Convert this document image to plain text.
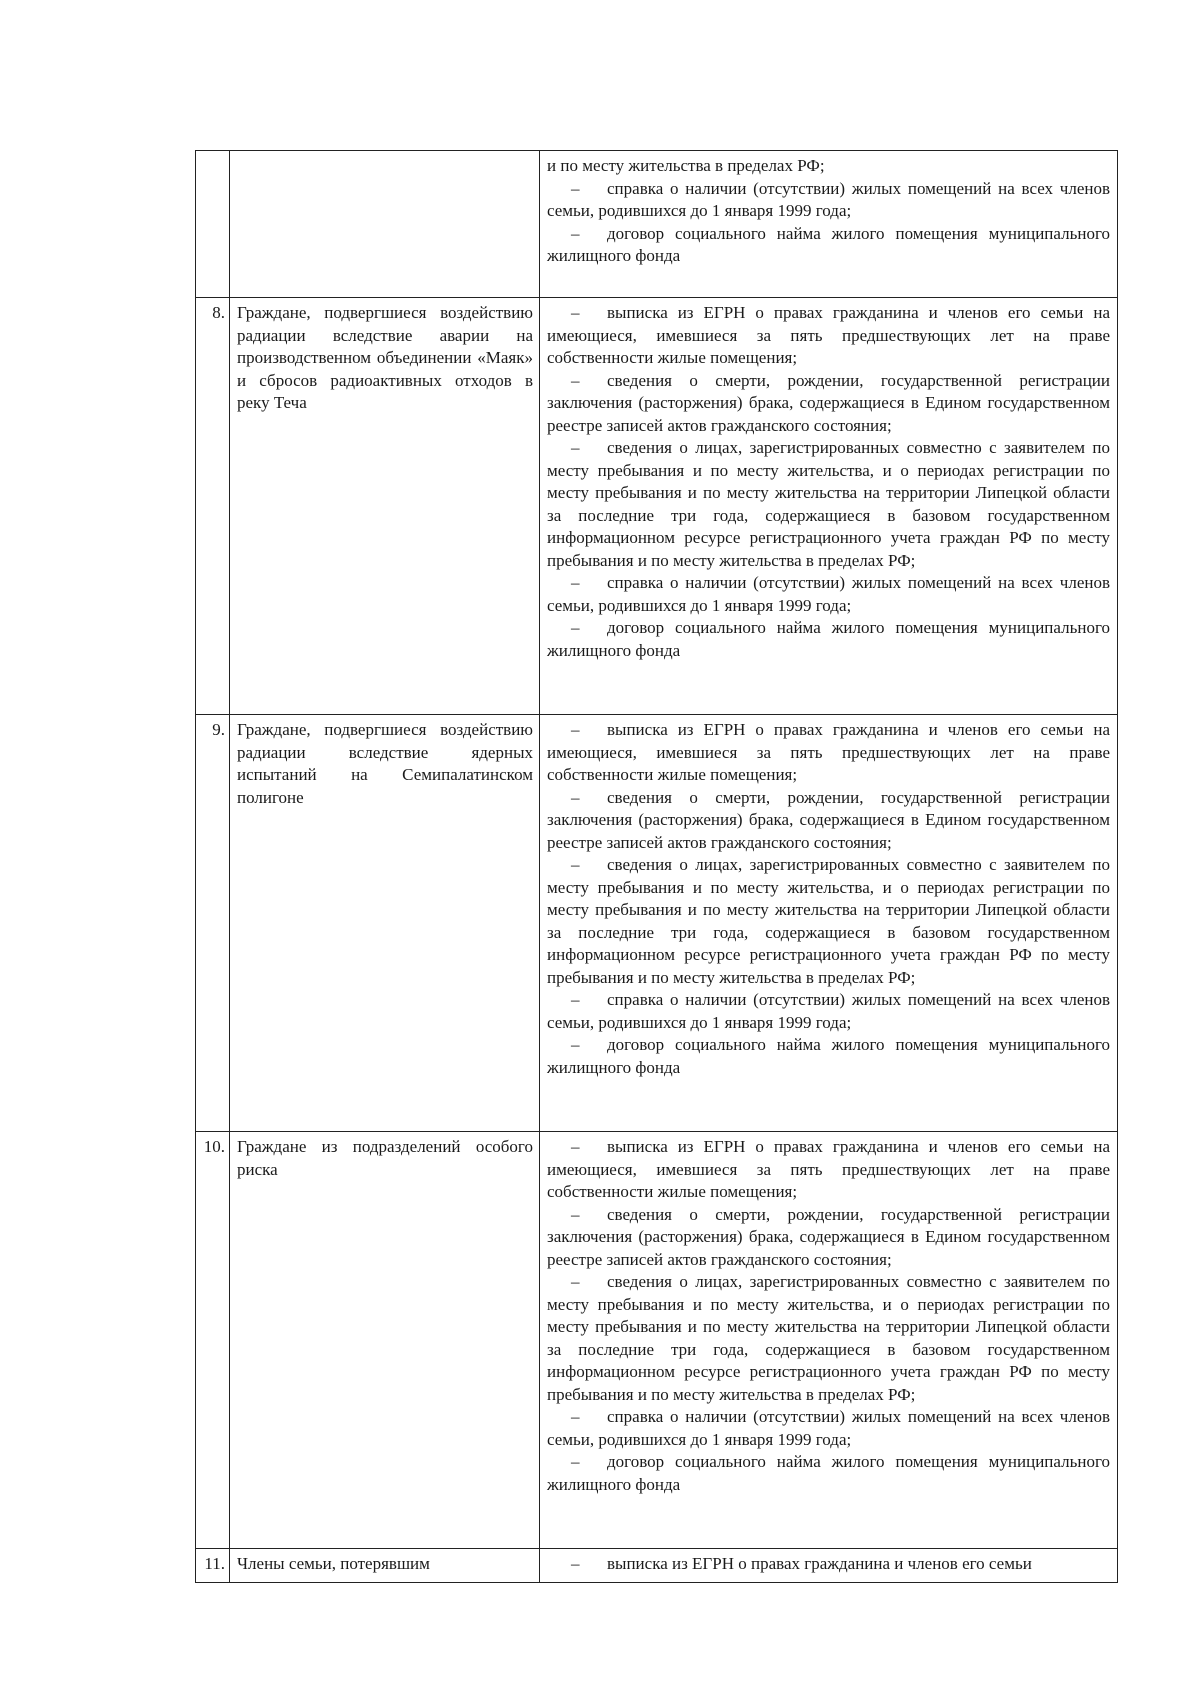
		и по месту жительства в пределах РФ;

– справка о наличии (отсутствии) жилых помещений на всех членов семьи, родившихся до 1 января 1999 года;

– договор социального найма жилого помещения муниципального жилищного фонда

8.	Граждане, подвергшиеся воздействию радиации вследствие аварии на производственном объединении «Маяк» и сбросов радиоактивных отходов в реку Теча	– выписка из ЕГРН о правах гражданина и членов его семьи на имеющиеся, имевшиеся за пять предшествующих лет на праве собственности жилые помещения;

– сведения о смерти, рождении, государственной регистрации заключения (расторжения) брака, содержащиеся в Едином государственном реестре записей актов гражданского состояния;

– сведения о лицах, зарегистрированных совместно с заявителем по месту пребывания и по месту жительства, и о периодах регистрации по месту пребывания и по месту жительства на территории Липецкой области за последние три года, содержащиеся в базовом государственном информационном ресурсе регистрационного учета граждан РФ по месту пребывания и по месту жительства в пределах РФ;

– справка о наличии (отсутствии) жилых помещений на всех членов семьи, родившихся до 1 января 1999 года;

– договор социального найма жилого помещения муниципального жилищного фонда

9.	Граждане, подвергшиеся воздействию радиации вследствие ядерных испытаний на Семипалатинском полигоне	– выписка из ЕГРН о правах гражданина и членов его семьи на имеющиеся, имевшиеся за пять предшествующих лет на праве собственности жилые помещения;

– сведения о смерти, рождении, государственной регистрации заключения (расторжения) брака, содержащиеся в Едином государственном реестре записей актов гражданского состояния;

– сведения о лицах, зарегистрированных совместно с заявителем по месту пребывания и по месту жительства, и о периодах регистрации по месту пребывания и по месту жительства на территории Липецкой области за последние три года, содержащиеся в базовом государственном информационном ресурсе регистрационного учета граждан РФ по месту пребывания и по месту жительства в пределах РФ;

– справка о наличии (отсутствии) жилых помещений на всех членов семьи, родившихся до 1 января 1999 года;

– договор социального найма жилого помещения муниципального жилищного фонда

10.	Граждане из подразделений особого риска	– выписка из ЕГРН о правах гражданина и членов его семьи на имеющиеся, имевшиеся за пять предшествующих лет на праве собственности жилые помещения;

– сведения о смерти, рождении, государственной регистрации заключения (расторжения) брака, содержащиеся в Едином государственном реестре записей актов гражданского состояния;

– сведения о лицах, зарегистрированных совместно с заявителем по месту пребывания и по месту жительства, и о периодах регистрации по месту пребывания и по месту жительства на территории Липецкой области за последние три года, содержащиеся в базовом государственном информационном ресурсе регистрационного учета граждан РФ по месту пребывания и по месту жительства в пределах РФ;

– справка о наличии (отсутствии) жилых помещений на всех членов семьи, родившихся до 1 января 1999 года;

– договор социального найма жилого помещения муниципального жилищного фонда

11.	Члены семьи, потерявшим	– выписка из ЕГРН о правах гражданина и членов его семьи
